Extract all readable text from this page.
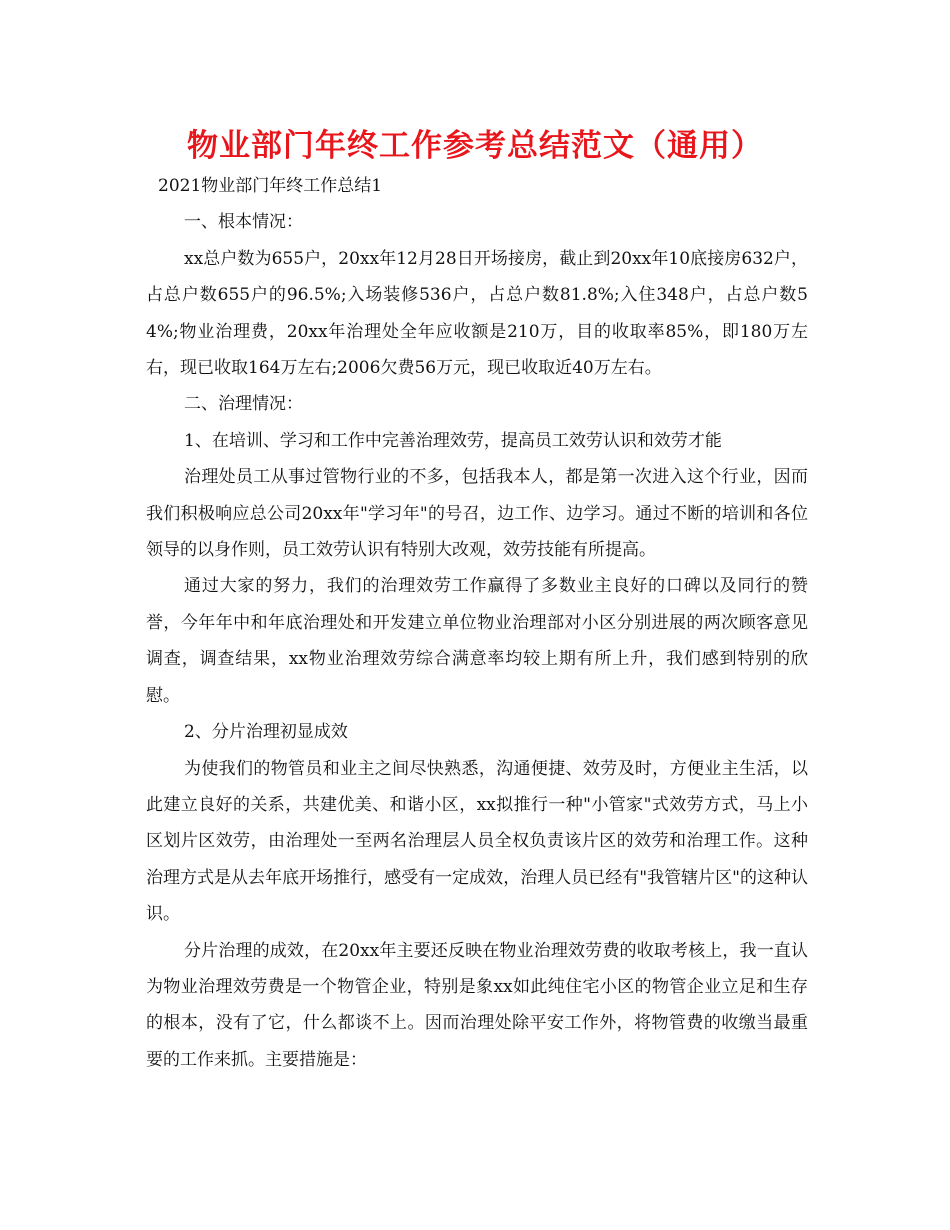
物业部门年终工作参考总结范文（通用）

2021物业部门年终工作总结1

一、根本情况：

xx总户数为655户，20xx年12月28日开场接房，截止到20xx年10底接房632户，占总户数655户的96.5%;入场装修536户，占总户数81.8%;入住348户，占总户数54%;物业治理费，20xx年治理处全年应收额是210万，目的收取率85%，即180万左右，现已收取164万左右;2006欠费56万元，现已收取近40万左右。

二、治理情况：

1、在培训、学习和工作中完善治理效劳，提高员工效劳认识和效劳才能

治理处员工从事过管物行业的不多，包括我本人，都是第一次进入这个行业，因而我们积极响应总公司20xx年"学习年"的号召，边工作、边学习。通过不断的培训和各位领导的以身作则，员工效劳认识有特别大改观，效劳技能有所提高。

通过大家的努力，我们的治理效劳工作赢得了多数业主良好的口碑以及同行的赞誉，今年年中和年底治理处和开发建立单位物业治理部对小区分别进展的两次顾客意见调查，调查结果，xx物业治理效劳综合满意率均较上期有所上升，我们感到特别的欣慰。

2、分片治理初显成效

为使我们的物管员和业主之间尽快熟悉，沟通便捷、效劳及时，方便业主生活，以此建立良好的关系，共建优美、和谐小区，xx拟推行一种"小管家"式效劳方式，马上小区划片区效劳，由治理处一至两名治理层人员全权负责该片区的效劳和治理工作。这种治理方式是从去年底开场推行，感受有一定成效，治理人员已经有"我管辖片区"的这种认识。

分片治理的成效，在20xx年主要还反映在物业治理效劳费的收取考核上，我一直认为物业治理效劳费是一个物管企业，特别是象xx如此纯住宅小区的物管企业立足和生存的根本，没有了它，什么都谈不上。因而治理处除平安工作外，将物管费的收缴当最重要的工作来抓。主要措施是：
